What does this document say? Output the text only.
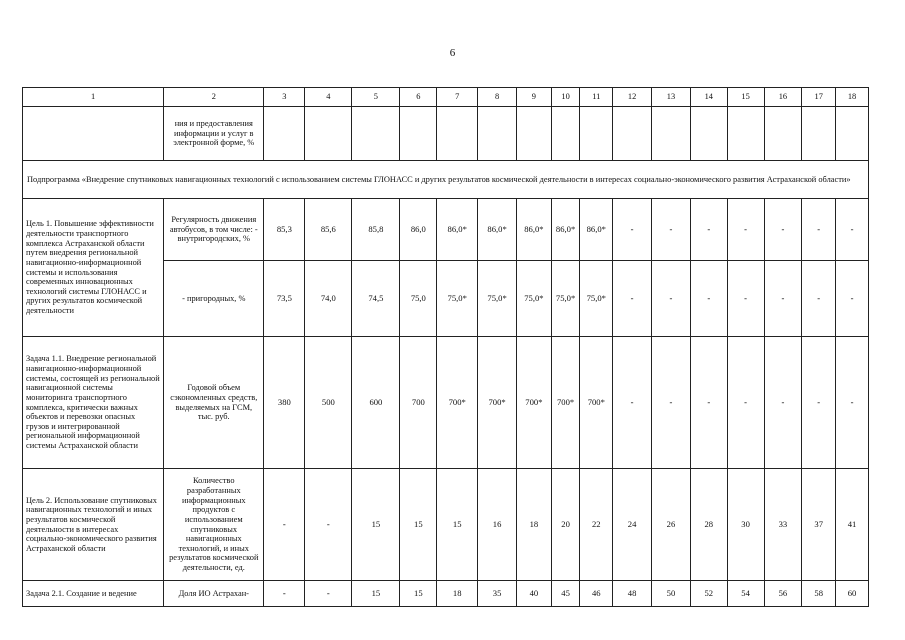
6
1	2	3	4	5	6	7	8	9	10	11	12	13	14	15	16	17	18
	ния и предоставления информации и услуг в электронной форме, %																
Подпрограмма «Внедрение спутниковых навигационных технологий с использованием системы ГЛОНАСС и других результатов космической деятельности в интересах социально-экономического развития Астраханской области»																	
Цель 1. Повышение эффективности деятельности транспортного комплекса Астраханской области путем внедрения региональной навигационно-информационной системы и использования современных инновационных технологий системы ГЛОНАСС и других результатов космической деятельности	Регулярность движения автобусов, в том числе: - внутригородских, %	85,3	85,6	85,8	86,0	86,0*	86,0*	86,0*	86,0*	86,0*	-	-	-	-	-	-	-
	- пригородных, %	73,5	74,0	74,5	75,0	75,0*	75,0*	75,0*	75,0*	75,0*	-	-	-	-	-	-	-
Задача 1.1. Внедрение региональной навигационно-информационной системы, состоящей из региональной навигационной системы мониторинга транспортного комплекса, критически важных объектов и перевозки опасных грузов и интегрированной региональной информационной системы Астраханской области	Годовой объем сэкономленных средств, выделяемых на ГСМ, тыс. руб.	380	500	600	700	700*	700*	700*	700*	700*	-	-	-	-	-	-	-
Цель 2. Использование спутниковых навигационных технологий и иных результатов космической деятельности в интересах социально-экономического развития Астраханской области	Количество разработанных информационных продуктов с использованием спутниковых навигационных технологий, и иных результатов космической деятельности, ед.	-	-	15	15	15	16	18	20	22	24	26	28	30	33	37	41
Задача 2.1. Создание и ведение	Доля ИО Астрахан-	-	-	15	15	18	35	40	45	46	48	50	52	54	56	58	60
